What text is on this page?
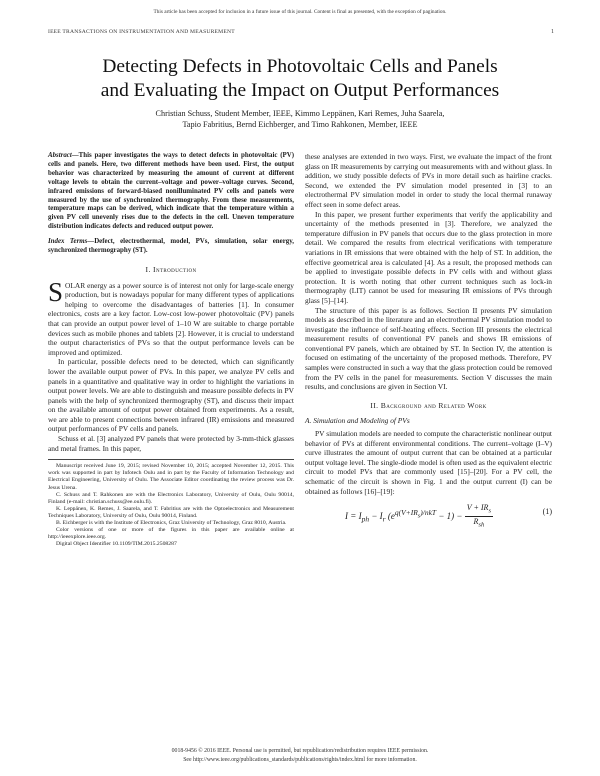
This article has been accepted for inclusion in a future issue of this journal. Content is final as presented, with the exception of pagination.
IEEE TRANSACTIONS ON INSTRUMENTATION AND MEASUREMENT	1
Detecting Defects in Photovoltaic Cells and Panels
and Evaluating the Impact on Output Performances
Christian Schuss, Student Member, IEEE, Kimmo Leppänen, Kari Remes, Juha Saarela,
Tapio Fabritius, Bernd Eichberger, and Timo Rahkonen, Member, IEEE
Abstract—This paper investigates the ways to detect defects in photovoltaic (PV) cells and panels. Here, two different methods have been used. First, the output behavior was characterized by measuring the amount of current at different voltage levels to obtain the current–voltage and power–voltage curves. Second, infrared emissions of forward-biased nonilluminated PV cells and panels were measured by the use of synchronized thermography. From these measurements, temperature maps can be derived, which indicate that the temperature within a given PV cell unevenly rises due to the defects in the cell. Uneven temperature distribution indicates defects and reduced output power.
Index Terms—Defect, electrothermal, model, PVs, simulation, solar energy, synchronized thermography (ST).
I. Introduction

SOLAR energy as a power source is of interest not only for large-scale energy production, but is nowadays popular for many different types of applications helping to overcome the disadvantages of batteries [1]. In consumer electronics, costs are a key factor. Low-cost low-power photovoltaic (PV) panels that can provide an output power level of 1–10 W are suitable to charge portable devices such as mobile phones and tablets [2]. However, it is crucial to understand the output characteristics of PVs so that the output performance levels can be improved and optimized.

In particular, possible defects need to be detected, which can significantly lower the available output power of PVs. In this paper, we analyze PV cells and panels in a quantitative and qualitative way in order to highlight the variations in output power levels. We are able to distinguish and measure possible defects in PV panels with the help of synchronized thermography (ST), and discuss their impact on the available amount of output power obtained from experiments. As a result, we are able to present connections between infrared (IR) emissions and measured output performances of PV cells and panels.

Schuss et al. [3] analyzed PV panels that were protected by 3-mm-thick glasses and metal frames. In this paper,

Manuscript received June 19, 2015; revised November 10, 2015; accepted November 12, 2015. This work was supported in part by Infotech Oulu and in part by the Faculty of Information Technology and Electrical Engineering, University of Oulu. The Associate Editor coordinating the review process was Dr. Jesus Urena.

C. Schuss and T. Rahkonen are with the Electronics Laboratory, University of Oulu, Oulu 90014, Finland (e-mail: christian.schuss@ee.oulu.fi).

K. Leppänen, K. Remes, J. Saarela, and T. Fabritius are with the Optoelectronics and Measurement Techniques Laboratory, University of Oulu, Oulu 90014, Finland.

B. Eichberger is with the Institute of Electronics, Graz University of Technology, Graz 8010, Austria.

Color versions of one or more of the figures in this paper are available online at http://ieeexplore.ieee.org.

Digital Object Identifier 10.1109/TIM.2015.2508287

these analyses are extended in two ways. First, we evaluate the impact of the front glass on IR measurements by carrying out measurements with and without glass. In addition, we study possible defects of PVs in more detail such as hairline cracks. Second, we extended the PV simulation model presented in [3] to an electrothermal PV simulation model in order to study the local thermal runaway effect seen in some defect areas.

In this paper, we present further experiments that verify the applicability and uncertainty of the methods presented in [3]. Therefore, we analyzed the temperature diffusion in PV panels that occurs due to the glass protection in more detail. We compared the results from electrical verifications with temperature variations in IR emissions that were obtained with the help of ST. In addition, the effective geometrical area is calculated [4]. As a result, the proposed methods can be applied to investigate possible defects in PV cells with and without glass protection. It is worth noting that other current techniques such as lock-in thermography (LIT) cannot be used for measuring IR emissions of PVs through glass [5]–[14].

The structure of this paper is as follows. Section II presents PV simulation models as described in the literature and an electrothermal PV simulation model to investigate the influence of self-heating effects. Section III presents the electrical measurement results of conventional PV panels and shows IR emissions of conventional PV panels, which are obtained by ST. In Section IV, the attention is focused on estimating of the uncertainty of the proposed methods. Therefore, PV samples were constructed in such a way that the glass protection could be removed from the PV cells in the panel for measurements. Section V discusses the main results, and conclusions are given in Section VI.

II. Background and Related Work
A. Simulation and Modeling of PVs

PV simulation models are needed to compute the characteristic nonlinear output behavior of PVs at different environmental conditions. The current–voltage (I–V) curve illustrates the amount of output current that can be obtained at a particular output voltage level. The single-diode model is often used as the equivalent electric circuit to model PVs that are commonly used [15]–[20]. For a PV cell, the schematic of the circuit is shown in Fig. 1 and the output current (I) can be obtained as follows [16]–[19]:

$I = I_{ph} - I_r$ $(e^{q(V+IR_s)/nkT} - 1) - \frac{V + IR_s}{R_{sh}}$	(1)
0018-9456 © 2016 IEEE. Personal use is permitted, but republication/redistribution requires IEEE permission.
See http://www.ieee.org/publications_standards/publications/rights/index.html for more information.
